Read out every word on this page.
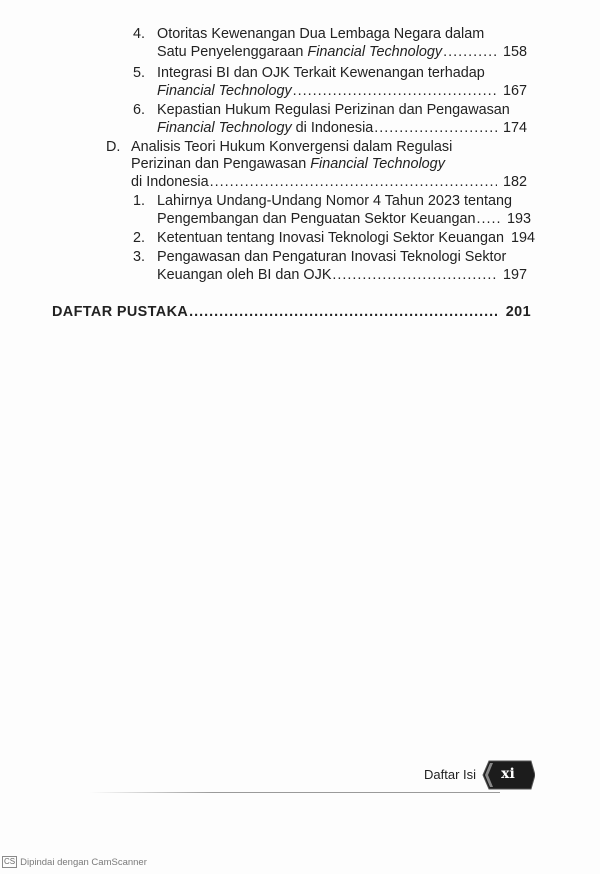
4. Otoritas Kewenangan Dua Lembaga Negara dalam
Satu Penyelenggaraan Financial Technology .....	158
5. Integrasi BI dan OJK Terkait Kewenangan terhadap
Financial Technology .....	167
6. Kepastian Hukum Regulasi Perizinan dan Pengawasan
Financial Technology di Indonesia .....	174
D. Analisis Teori Hukum Konvergensi dalam Regulasi
Perizinan dan Pengawasan Financial Technology
di Indonesia .....	182
1. Lahirnya Undang-Undang Nomor 4 Tahun 2023 tentang
Pengembangan dan Penguatan Sektor Keuangan .....	193
2. Ketentuan tentang Inovasi Teknologi Sektor Keuangan 194
3. Pengawasan dan Pengaturan Inovasi Teknologi Sektor
Keuangan oleh BI dan OJK .....	197
DAFTAR PUSTAKA .....	201
Daftar Isi	xi
CS Dipindai dengan CamScanner
